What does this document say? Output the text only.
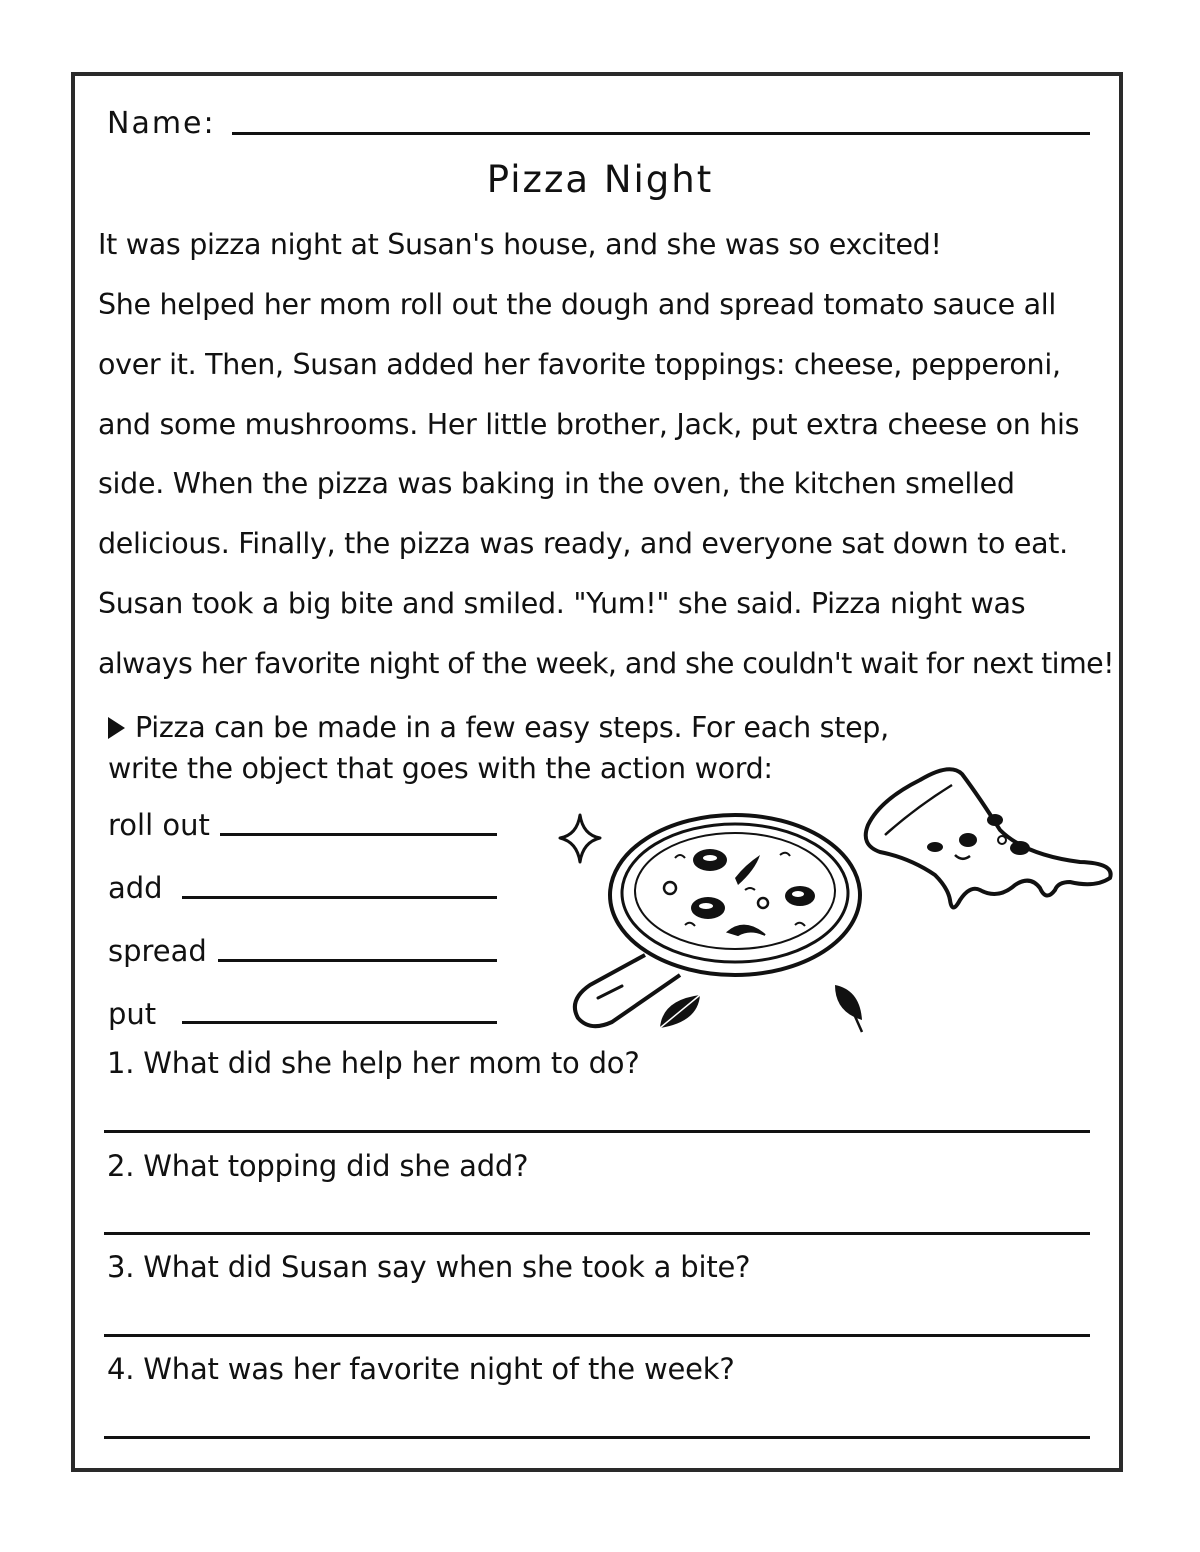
Name:
Pizza Night
It was pizza night at Susan's house, and she was so excited!
She helped her mom roll out the dough and spread tomato sauce all
over it. Then, Susan added her favorite toppings: cheese, pepperoni,
and some mushrooms. Her little brother, Jack, put extra cheese on his
side. When the pizza was baking in the oven, the kitchen smelled
delicious. Finally, the pizza was ready, and everyone sat down to eat.
Susan took a big bite and smiled. "Yum!" she said. Pizza night was
always her favorite night of the week, and she couldn't wait for next time!
Pizza can be made in a few easy steps. For each step,
write the object that goes with the action word:
roll out
add
spread
put
1. What did she help her mom to do?
2. What topping did she add?
3. What did Susan say when she took a bite?
4. What was her favorite night of the week?
